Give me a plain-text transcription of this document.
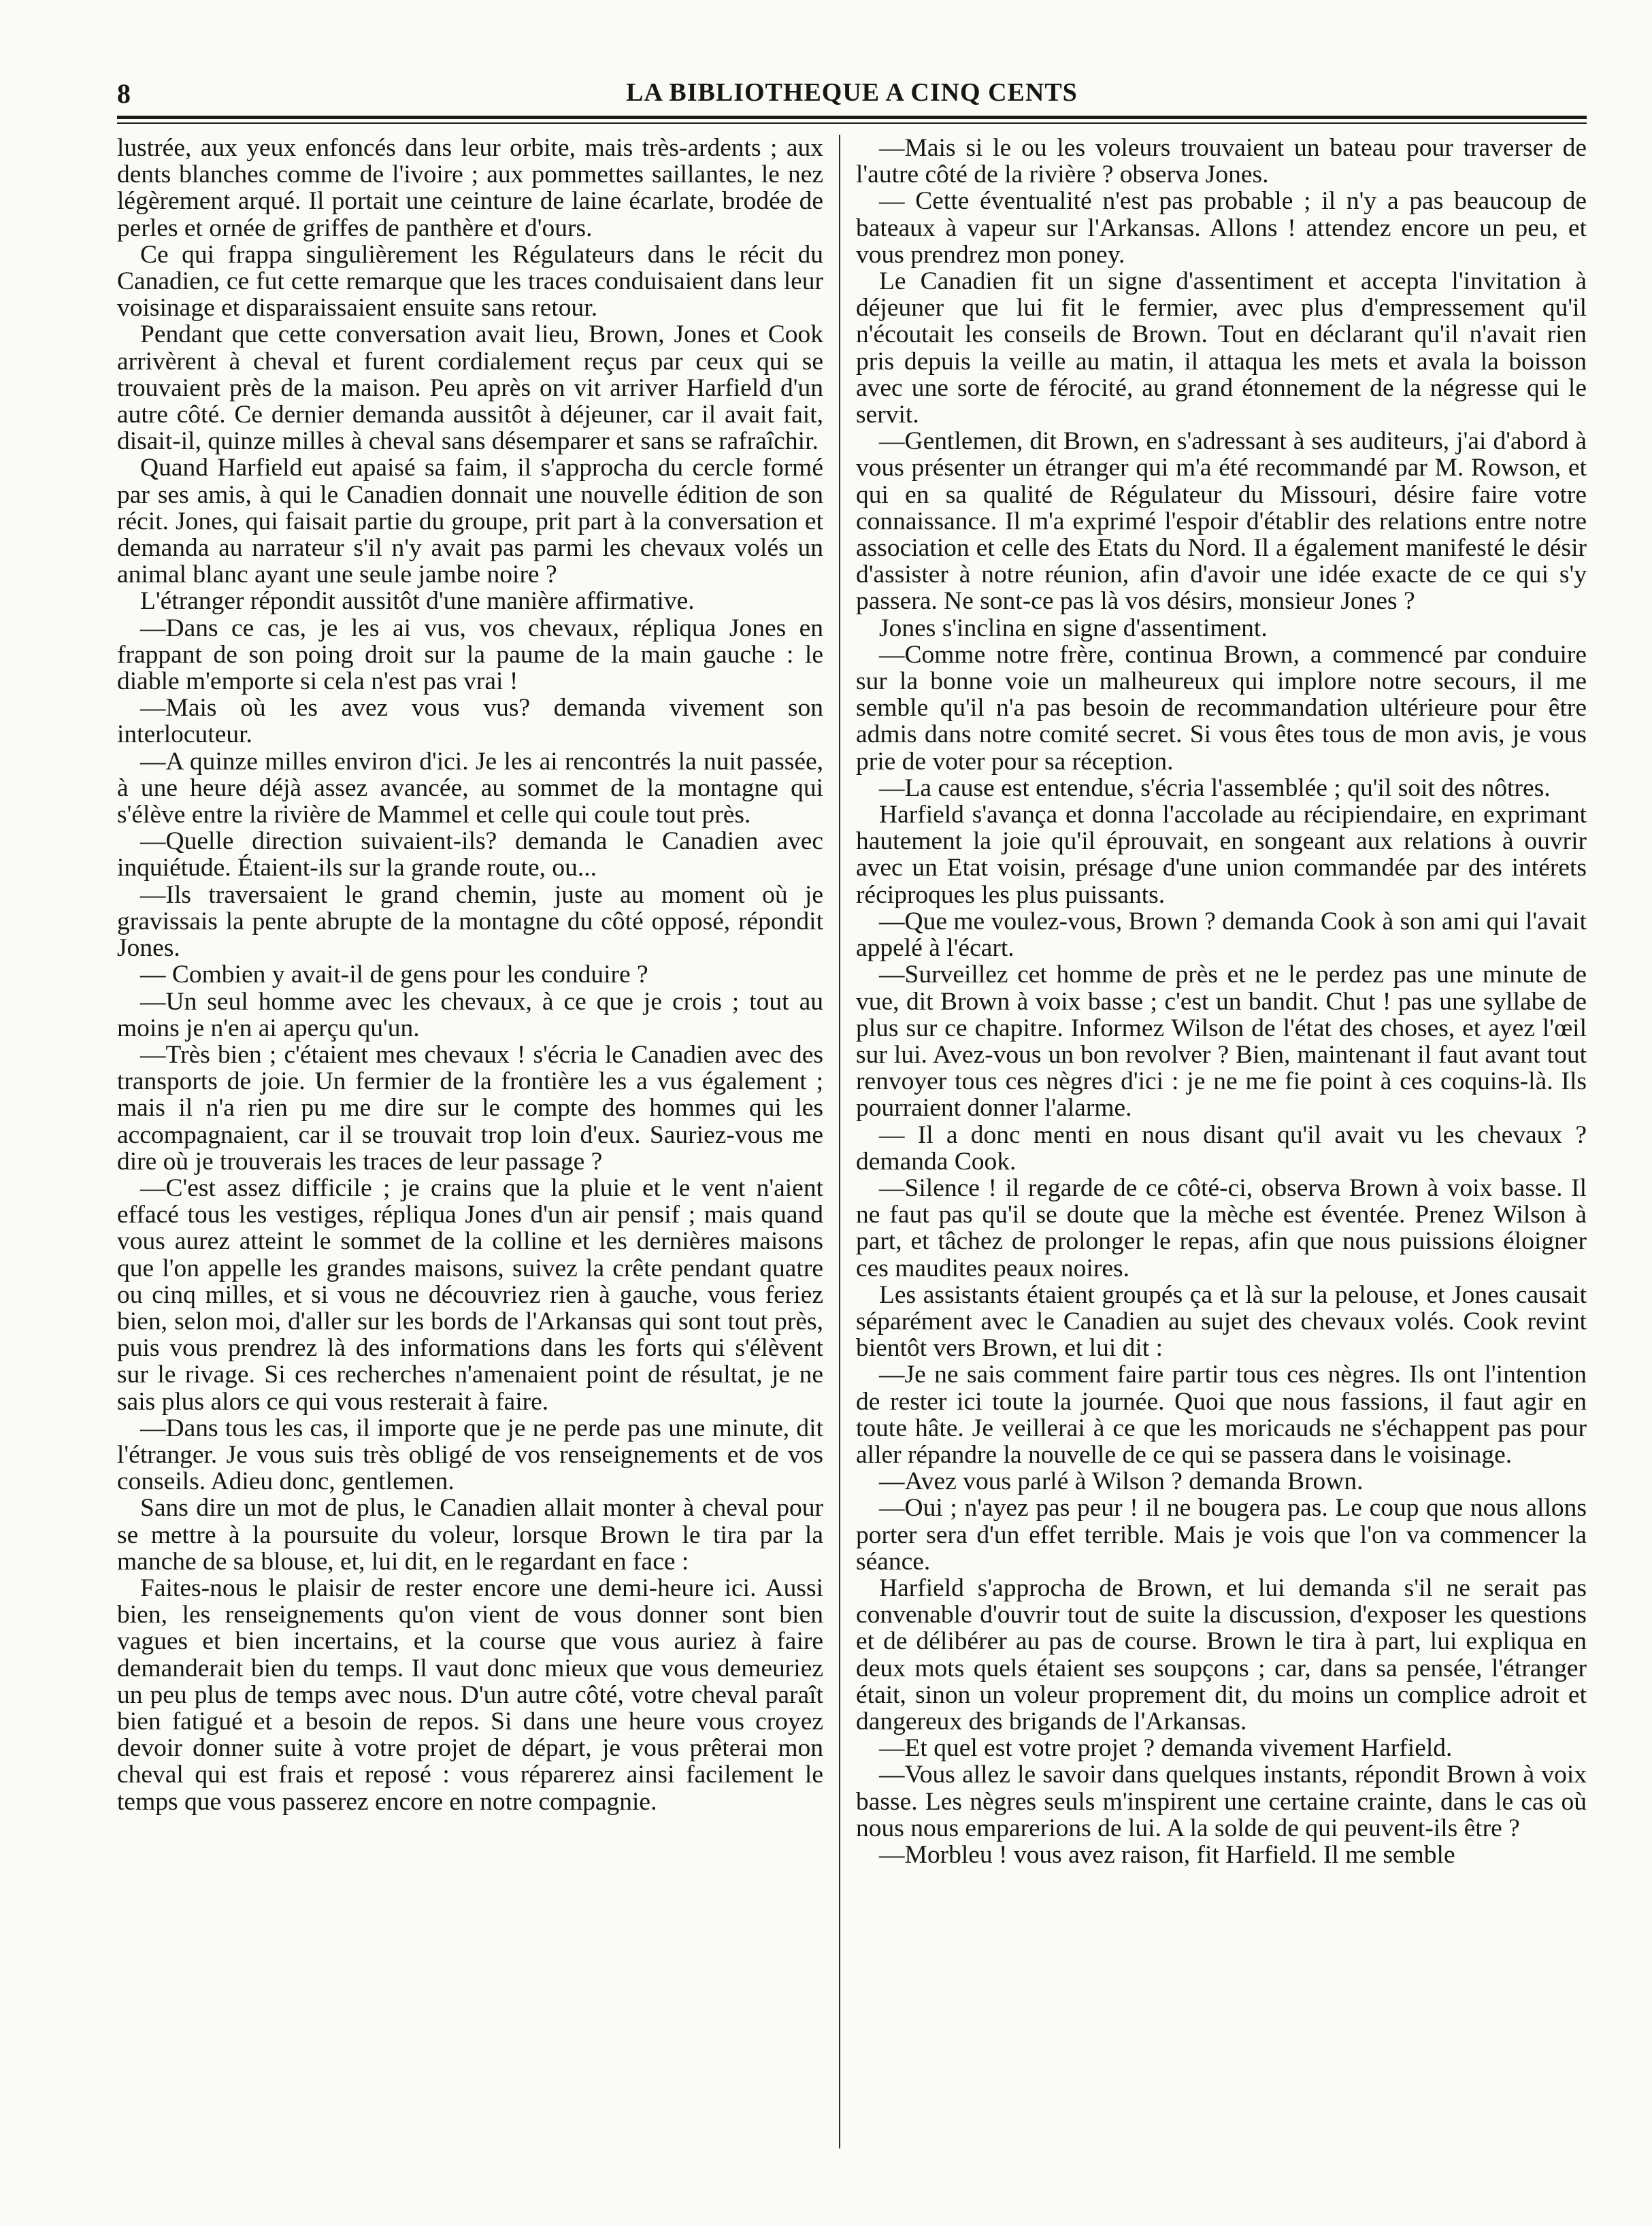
8	LA BIBLIOTHEQUE A CINQ CENTS

lustrée, aux yeux enfoncés dans leur orbite, mais très-ardents ; aux dents blanches comme de l'ivoire ; aux pommettes saillantes, le nez légèrement arqué. Il portait une ceinture de laine écarlate, brodée de perles et ornée de griffes de panthère et d'ours.

Ce qui frappa singulièrement les Régulateurs dans le récit du Canadien, ce fut cette remarque que les traces conduisaient dans leur voisinage et disparaissaient ensuite sans retour.

Pendant que cette conversation avait lieu, Brown, Jones et Cook arrivèrent à cheval et furent cordialement reçus par ceux qui se trouvaient près de la maison. Peu après on vit arriver Harfield d'un autre côté. Ce dernier demanda aussitôt à déjeuner, car il avait fait, disait-il, quinze milles à cheval sans désemparer et sans se rafraîchir.

Quand Harfield eut apaisé sa faim, il s'approcha du cercle formé par ses amis, à qui le Canadien donnait une nouvelle édition de son récit. Jones, qui faisait partie du groupe, prit part à la conversation et demanda au narrateur s'il n'y avait pas parmi les chevaux volés un animal blanc ayant une seule jambe noire ?

L'étranger répondit aussitôt d'une manière affirmative.

—Dans ce cas, je les ai vus, vos chevaux, répliqua Jones en frappant de son poing droit sur la paume de la main gauche : le diable m'emporte si cela n'est pas vrai !

—Mais où les avez vous vus? demanda vivement son interlocuteur.

—A quinze milles environ d'ici. Je les ai rencontrés la nuit passée, à une heure déjà assez avancée, au sommet de la montagne qui s'élève entre la rivière de Mammel et celle qui coule tout près.

—Quelle direction suivaient-ils? demanda le Canadien avec inquiétude. Étaient-ils sur la grande route, ou...

—Ils traversaient le grand chemin, juste au moment où je gravissais la pente abrupte de la montagne du côté opposé, répondit Jones.

— Combien y avait-il de gens pour les conduire ?

—Un seul homme avec les chevaux, à ce que je crois ; tout au moins je n'en ai aperçu qu'un.

—Très bien ; c'étaient mes chevaux ! s'écria le Canadien avec des transports de joie. Un fermier de la frontière les a vus également ; mais il n'a rien pu me dire sur le compte des hommes qui les accompagnaient, car il se trouvait trop loin d'eux. Sauriez-vous me dire où je trouverais les traces de leur passage ?

—C'est assez difficile ; je crains que la pluie et le vent n'aient effacé tous les vestiges, répliqua Jones d'un air pensif ; mais quand vous aurez atteint le sommet de la colline et les dernières maisons que l'on appelle les grandes maisons, suivez la crête pendant quatre ou cinq milles, et si vous ne découvriez rien à gauche, vous feriez bien, selon moi, d'aller sur les bords de l'Arkansas qui sont tout près, puis vous prendrez là des informations dans les forts qui s'élèvent sur le rivage. Si ces recherches n'amenaient point de résultat, je ne sais plus alors ce qui vous resterait à faire.

—Dans tous les cas, il importe que je ne perde pas une minute, dit l'étranger. Je vous suis très obligé de vos renseignements et de vos conseils. Adieu donc, gentlemen.

Sans dire un mot de plus, le Canadien allait monter à cheval pour se mettre à la poursuite du voleur, lorsque Brown le tira par la manche de sa blouse, et, lui dit, en le regardant en face :

Faites-nous le plaisir de rester encore une demi-heure ici. Aussi bien, les renseignements qu'on vient de vous donner sont bien vagues et bien incertains, et la course que vous auriez à faire demanderait bien du temps. Il vaut donc mieux que vous demeuriez un peu plus de temps avec nous. D'un autre côté, votre cheval paraît bien fatigué et a besoin de repos. Si dans une heure vous croyez devoir donner suite à votre projet de départ, je vous prêterai mon cheval qui est frais et reposé : vous réparerez ainsi facilement le temps que vous passerez encore en notre compagnie.

—Mais si le ou les voleurs trouvaient un bateau pour traverser de l'autre côté de la rivière ? observa Jones.

— Cette éventualité n'est pas probable ; il n'y a pas beaucoup de bateaux à vapeur sur l'Arkansas. Allons ! attendez encore un peu, et vous prendrez mon poney.

Le Canadien fit un signe d'assentiment et accepta l'invitation à déjeuner que lui fit le fermier, avec plus d'empressement qu'il n'écoutait les conseils de Brown. Tout en déclarant qu'il n'avait rien pris depuis la veille au matin, il attaqua les mets et avala la boisson avec une sorte de férocité, au grand étonnement de la négresse qui le servit.

—Gentlemen, dit Brown, en s'adressant à ses auditeurs, j'ai d'abord à vous présenter un étranger qui m'a été recommandé par M. Rowson, et qui en sa qualité de Régulateur du Missouri, désire faire votre connaissance. Il m'a exprimé l'espoir d'établir des relations entre notre association et celle des Etats du Nord. Il a également manifesté le désir d'assister à notre réunion, afin d'avoir une idée exacte de ce qui s'y passera. Ne sont-ce pas là vos désirs, monsieur Jones ?

Jones s'inclina en signe d'assentiment.

—Comme notre frère, continua Brown, a commencé par conduire sur la bonne voie un malheureux qui implore notre secours, il me semble qu'il n'a pas besoin de recommandation ultérieure pour être admis dans notre comité secret. Si vous êtes tous de mon avis, je vous prie de voter pour sa réception.

—La cause est entendue, s'écria l'assemblée ; qu'il soit des nôtres.

Harfield s'avança et donna l'accolade au récipiendaire, en exprimant hautement la joie qu'il éprouvait, en songeant aux relations à ouvrir avec un Etat voisin, présage d'une union commandée par des intérets réciproques les plus puissants.

—Que me voulez-vous, Brown ? demanda Cook à son ami qui l'avait appelé à l'écart.

—Surveillez cet homme de près et ne le perdez pas une minute de vue, dit Brown à voix basse ; c'est un bandit. Chut ! pas une syllabe de plus sur ce chapitre. Informez Wilson de l'état des choses, et ayez l'œil sur lui. Avez-vous un bon revolver ? Bien, maintenant il faut avant tout renvoyer tous ces nègres d'ici : je ne me fie point à ces coquins-là. Ils pourraient donner l'alarme.

— Il a donc menti en nous disant qu'il avait vu les chevaux ? demanda Cook.

—Silence ! il regarde de ce côté-ci, observa Brown à voix basse. Il ne faut pas qu'il se doute que la mèche est éventée. Prenez Wilson à part, et tâchez de prolonger le repas, afin que nous puissions éloigner ces maudites peaux noires.

Les assistants étaient groupés ça et là sur la pelouse, et Jones causait séparément avec le Canadien au sujet des chevaux volés. Cook revint bientôt vers Brown, et lui dit :

—Je ne sais comment faire partir tous ces nègres. Ils ont l'intention de rester ici toute la journée. Quoi que nous fassions, il faut agir en toute hâte. Je veillerai à ce que les moricauds ne s'échappent pas pour aller répandre la nouvelle de ce qui se passera dans le voisinage.

—Avez vous parlé à Wilson ? demanda Brown.

—Oui ; n'ayez pas peur ! il ne bougera pas. Le coup que nous allons porter sera d'un effet terrible. Mais je vois que l'on va commencer la séance.

Harfield s'approcha de Brown, et lui demanda s'il ne serait pas convenable d'ouvrir tout de suite la discussion, d'exposer les questions et de délibérer au pas de course. Brown le tira à part, lui expliqua en deux mots quels étaient ses soupçons ; car, dans sa pensée, l'étranger était, sinon un voleur proprement dit, du moins un complice adroit et dangereux des brigands de l'Arkansas.

—Et quel est votre projet ? demanda vivement Harfield.

—Vous allez le savoir dans quelques instants, répondit Brown à voix basse. Les nègres seuls m'inspirent une certaine crainte, dans le cas où nous nous emparerions de lui. A la solde de qui peuvent-ils être ?

—Morbleu ! vous avez raison, fit Harfield. Il me semble
